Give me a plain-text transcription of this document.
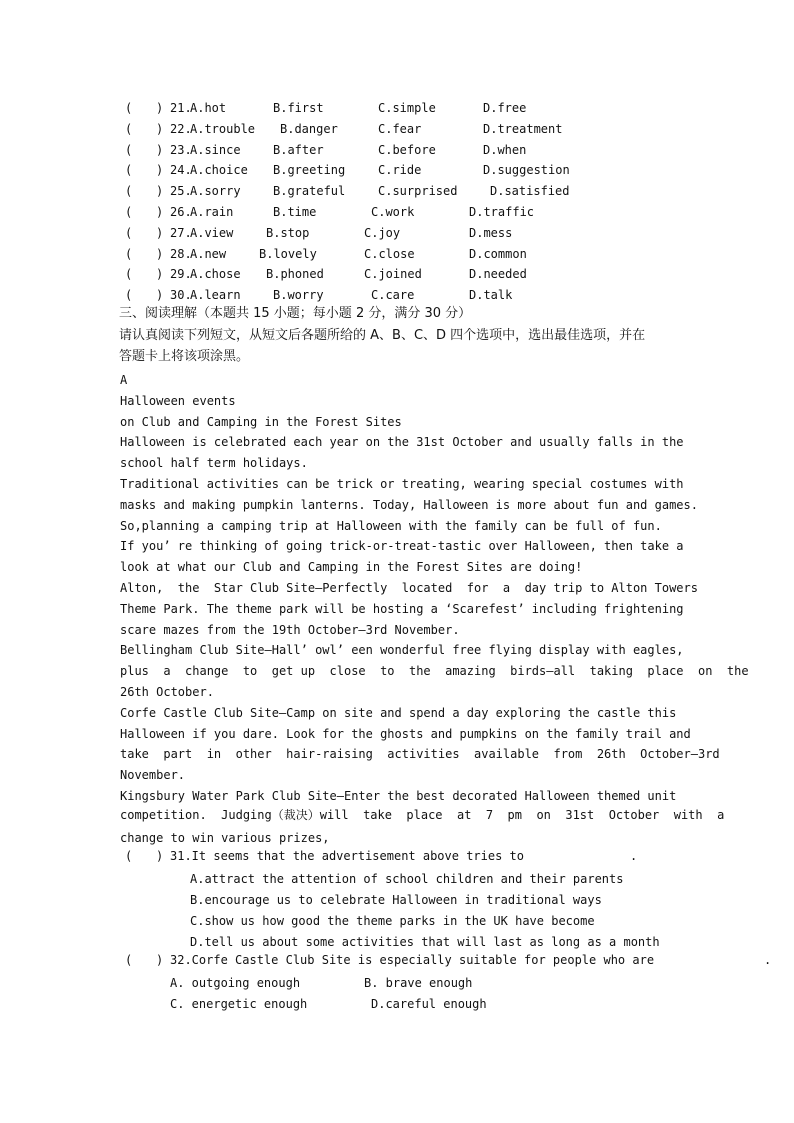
( ) 21.
A.hot	B.first	C.simple	D.free
( ) 22.
A.trouble B.danger	C.fear	D.treatment
( ) 23.
A.since	B.after	C.before	D.when
( ) 24.
A.choice B.greeting	C.ride	D.suggestion
( ) 25.
A.sorry	B.grateful	C.surprised	D.satisfied
( ) 26.
A.rain	B.time	C.work	D.traffic
( ) 27.
A.view	B.stop	C.joy	D.mess
( ) 28.
A.new	B.lovely	C.close	D.common
( ) 29.
A.chose B.phoned	C.joined	D.needed
( ) 30.
A.learn	B.worry	C.care	D.talk
三、阅读理解（本题共 15 小题；每小题 2 分，满分 30 分）
请认真阅读下列短文，从短文后各题所给的 A、B、C、D 四个选项中，选出最佳选项，并在
答题卡上将该项涂黑。
A
Halloween events
on Club and Camping in the Forest Sites
Halloween is celebrated each year on the 31st October and usually falls in the
school half term holidays.
Traditional activities can be trick or treating, wearing special costumes with
masks and making pumpkin lanterns. Today, Halloween is more about fun and games.
So,planning a camping trip at Halloween with the family can be full of fun.
If you’ re thinking of going trick-or-treat-tastic over Halloween, then take a
look at what our Club and Camping in the Forest Sites are doing!
Alton,  the  Star Club Site—Perfectly  located  for  a  day trip to Alton Towers
Theme Park. The theme park will be hosting a ‘Scarefest’ including frightening
scare mazes from the 19th October—3rd November.
Bellingham Club Site—Hall’ owl’ een wonderful free flying display with eagles,
plus  a  change  to  get up  close  to  the  amazing  birds—all  taking  place  on  the
26th October.
Corfe Castle Club Site—Camp on site and spend a day exploring the castle this
Halloween if you dare. Look for the ghosts and pumpkins on the family trail and
take  part  in  other  hair-raising  activities  available  from  26th  October—3rd
November.
Kingsbury Water Park Club Site—Enter the best decorated Halloween themed unit
competition.  Judging（裁决）will  take  place  at  7  pm  on  31st  October  with  a
change to win various prizes,
( ) 31.It seems that the advertisement above tries to	.
A.attract the attention of school children and their parents
B.encourage us to celebrate Halloween in traditional ways
C.show us how good the theme parks in the UK have become
D.tell us about some activities that will last as long as a month
( ) 32.Corfe Castle Club Site is especially suitable for people who are	.
A. outgoing enough	B. brave enough
C. energetic enough	D.careful enough
